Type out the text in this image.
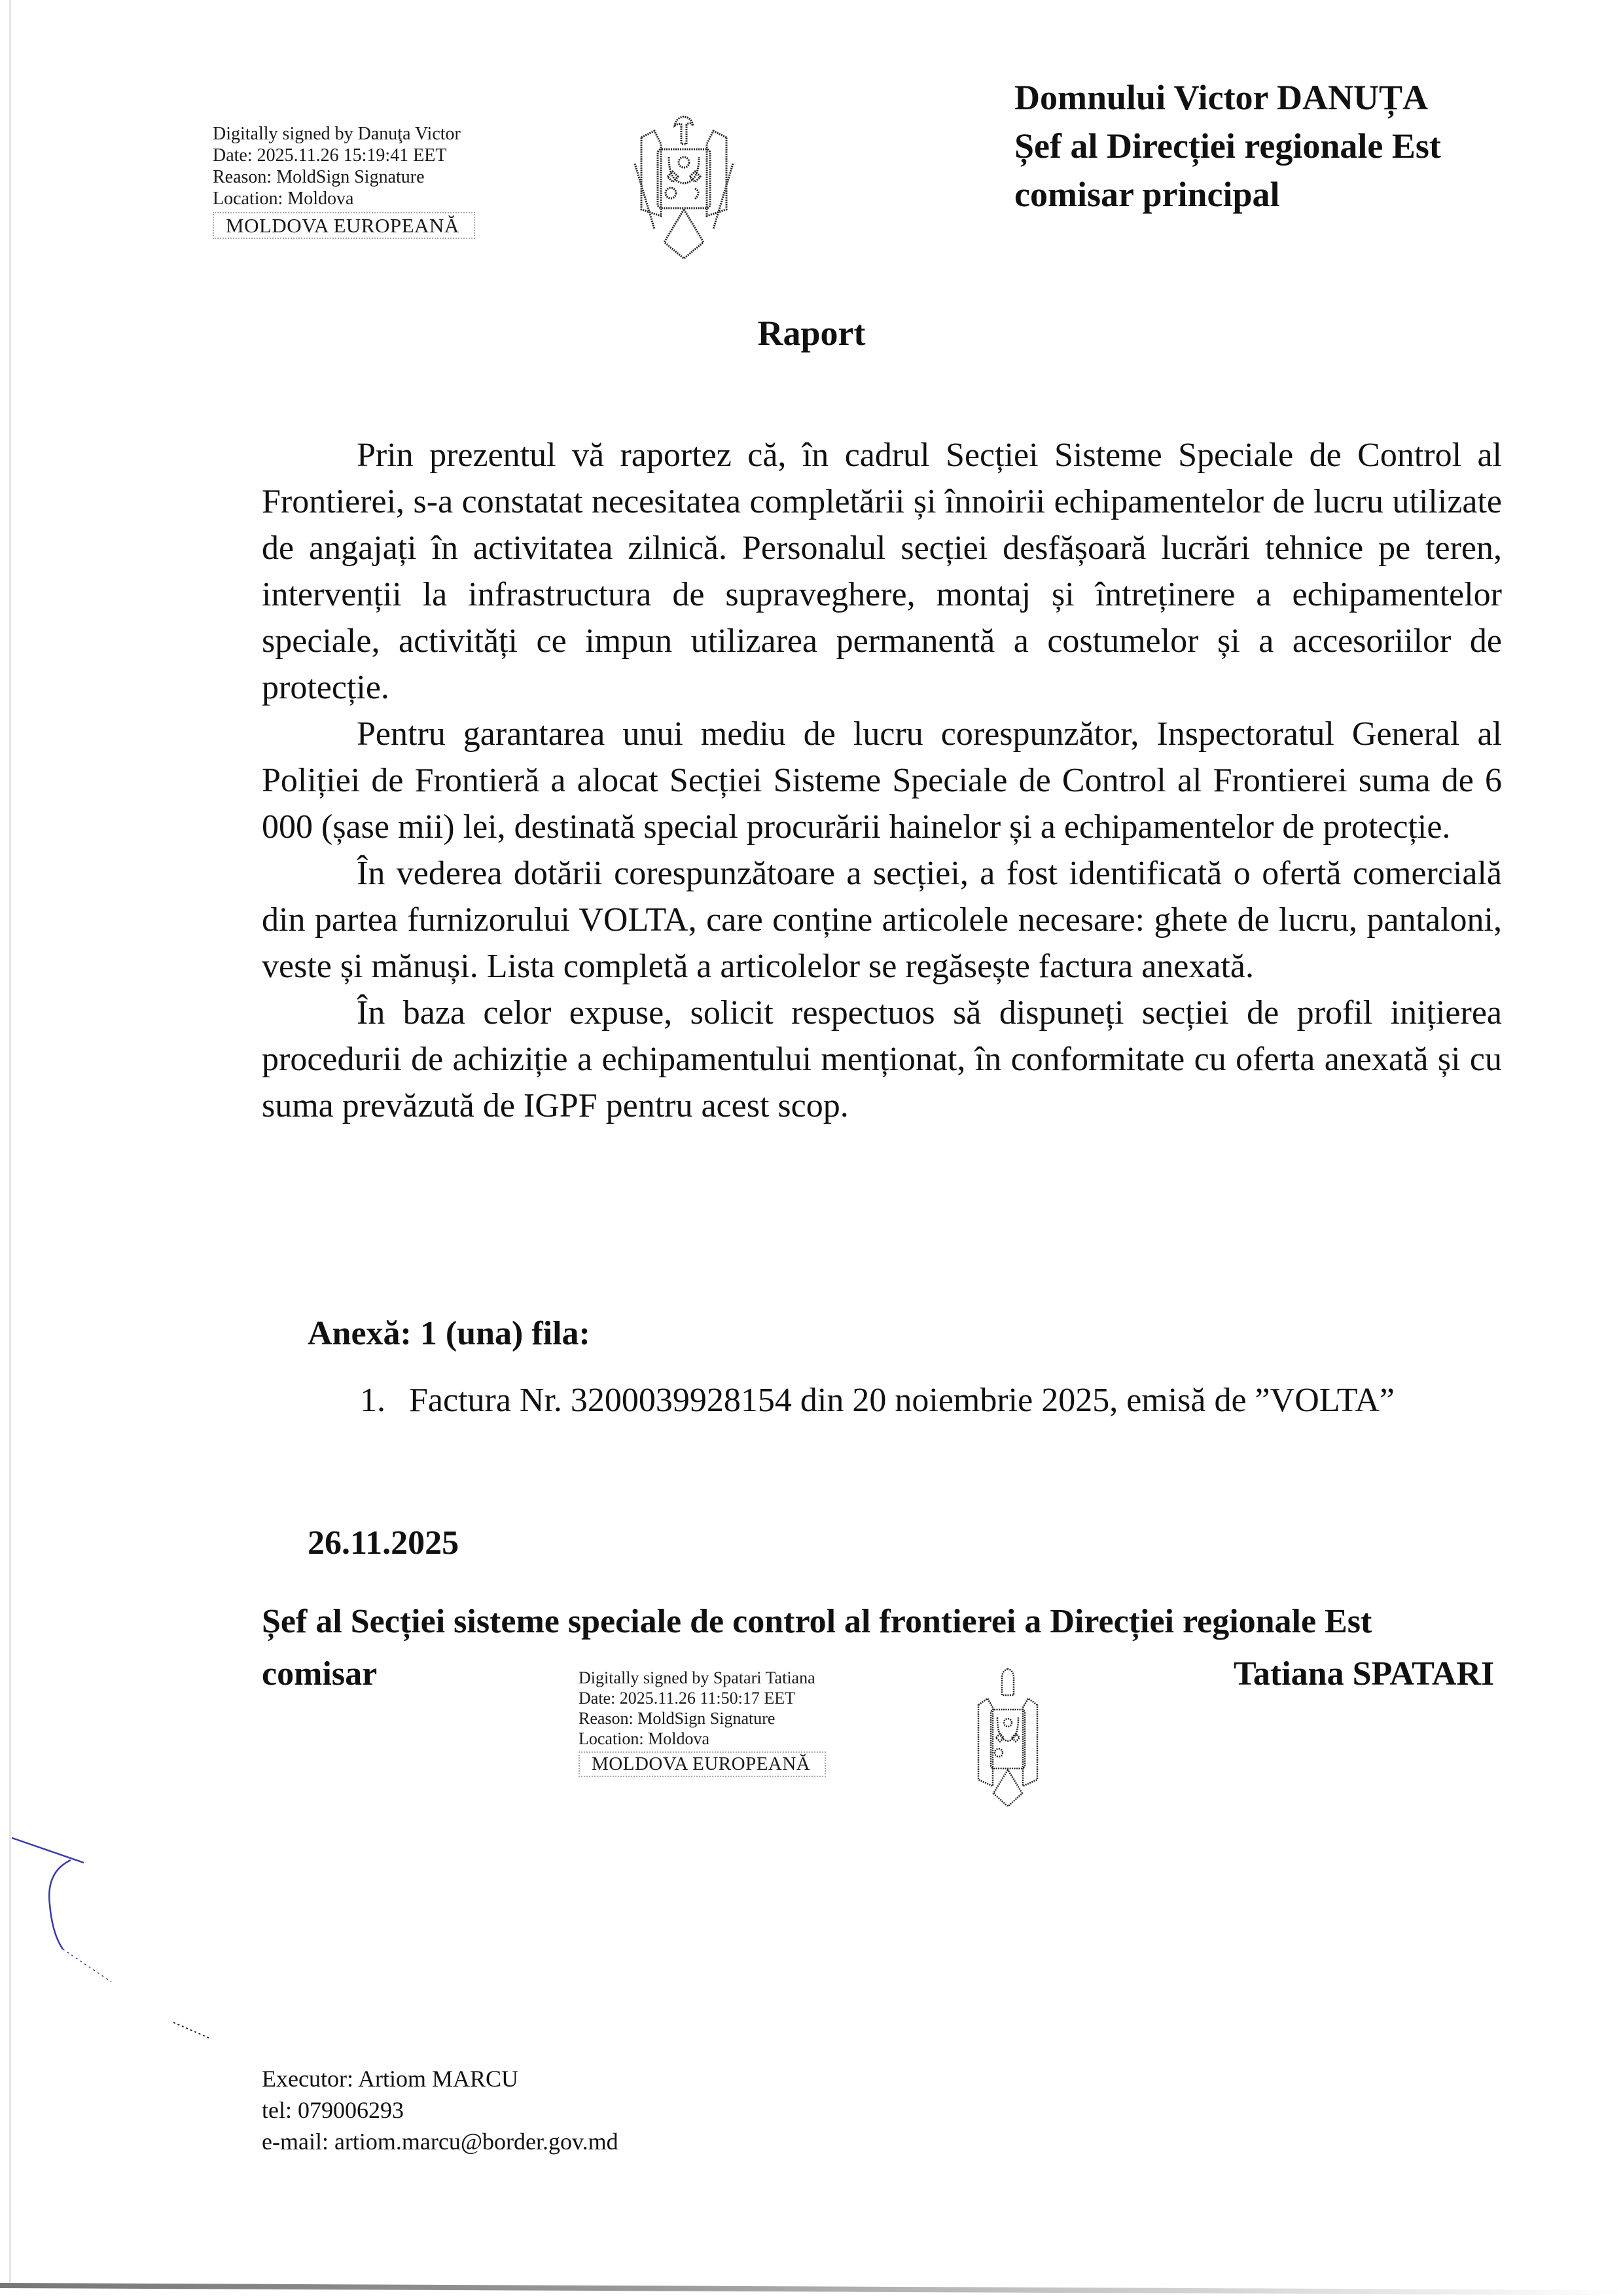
Digitally signed by Danuţa Victor
Date: 2025.11.26 15:19:41 EET
Reason: MoldSign Signature
Location: Moldova
MOLDOVA EUROPEANĂ
Domnului Victor DANUȚA
Șef al Direcției regionale Est
comisar principal
Raport

Prin prezentul vă raportez că, în cadrul Secției Sisteme Speciale de Control al Frontierei, s-a constatat necesitatea completării și înnoirii echipamentelor de lucru utilizate de angajați în activitatea zilnică. Personalul secției desfășoară lucrări tehnice pe teren, intervenții la infrastructura de supraveghere, montaj și întreținere a echipamentelor speciale, activități ce impun utilizarea permanentă a costumelor și a accesoriilor de protecție.

Pentru garantarea unui mediu de lucru corespunzător, Inspectoratul General al Poliției de Frontieră a alocat Secției Sisteme Speciale de Control al Frontierei suma de 6 000 (șase mii) lei, destinată special procurării hainelor și a echipamentelor de protecție.

În vederea dotării corespunzătoare a secției, a fost identificată o ofertă comercială din partea furnizorului VOLTA, care conține articolele necesare: ghete de lucru, pantaloni, veste și mănuși. Lista completă a articolelor se regăsește factura anexată.

În baza celor expuse, solicit respectuos să dispuneți secției de profil inițierea procedurii de achiziție a echipamentului menționat, în conformitate cu oferta anexată și cu suma prevăzută de IGPF pentru acest scop.

Anexă: 1 (una) fila:
1. Factura Nr. 3200039928154 din 20 noiembrie 2025, emisă de ”VOLTA”
26.11.2025
Șef al Secției sisteme speciale de control al frontierei a Direcției regionale Est
comisar	Tatiana SPATARI
Digitally signed by Spatari Tatiana
Date: 2025.11.26 11:50:17 EET
Reason: MoldSign Signature
Location: Moldova
MOLDOVA EUROPEANĂ
Executor: Artiom MARCU
tel: 079006293
e-mail: artiom.marcu@border.gov.md
